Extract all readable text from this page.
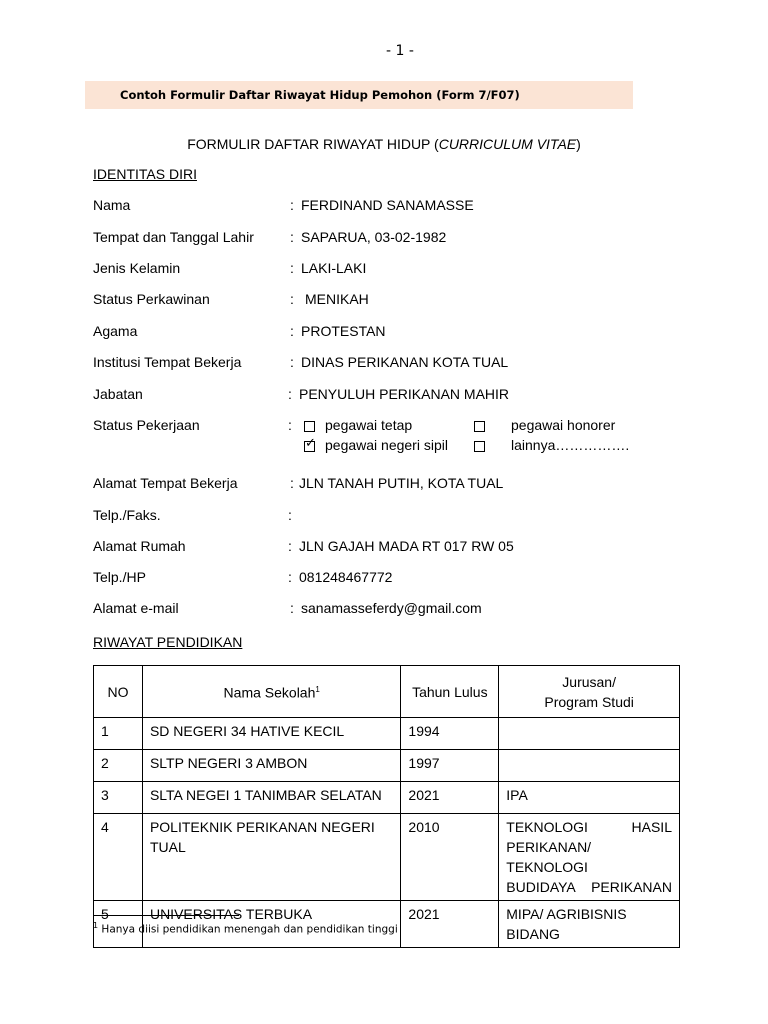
- 1 -
Contoh Formulir Daftar Riwayat Hidup Pemohon (Form 7/F07)
FORMULIR DAFTAR RIWAYAT HIDUP (CURRICULUM VITAE)
IDENTITAS DIRI
Nama	: FERDINAND SANAMASSE
Tempat dan Tanggal Lahir	: SAPARUA, 03-02-1982
Jenis Kelamin	: LAKI-LAKI
Status Perkawinan	: MENIKAH
Agama	: PROTESTAN
Institusi Tempat Bekerja	: DINAS PERIKANAN KOTA TUAL
Jabatan	: PENYULUH PERIKANAN MAHIR
Status Pekerjaan	: pegawai tetap	pegawai honorer
✓ pegawai negeri sipil	lainnya…………….
Alamat Tempat Bekerja	: JLN TANAH PUTIH, KOTA TUAL
Telp./Faks.	:
Alamat Rumah	: JLN GAJAH MADA RT 017 RW 05
Telp./HP	: 081248467772
Alamat e-mail	: sanamasseferdy@gmail.com
RIWAYAT PENDIDIKAN
NO	Nama Sekolah$^1$	Tahun Lulus	Jurusan/
Program Studi
1	SD NEGERI 34 HATIVE KECIL	1994	
2	SLTP NEGERI 3 AMBON	1997	
3	SLTA NEGEI 1 TANIMBAR SELATAN	2021	IPA
4	POLITEKNIK PERIKANAN NEGERI TUAL	2010	TEKNOLOGI HASIL PERIKANAN/ TEKNOLOGI
BUDIDAYA PERIKANAN

5	UNIVERSITAS TERBUKA	2021	MIPA/ AGRIBISNIS BIDANG
$^1$ Hanya diisi pendidikan menengah dan pendidikan tinggi
